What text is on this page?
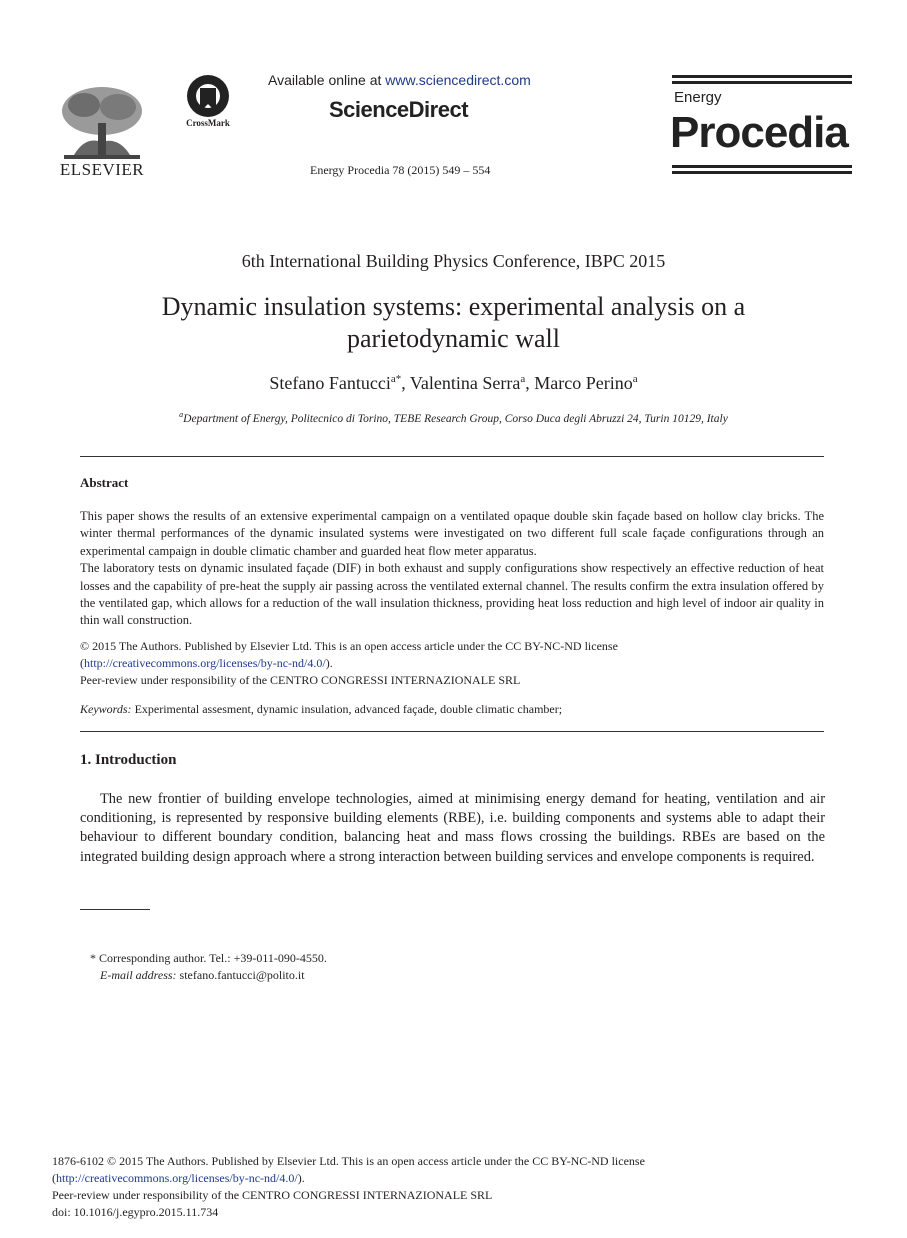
ELSEVIER
CrossMark
Available online at www.sciencedirect.com
ScienceDirect
Energy Procedia 78 (2015) 549 – 554
Energy
Procedia
6th International Building Physics Conference, IBPC 2015
Dynamic insulation systems: experimental analysis on a
parietodynamic wall
Stefano Fantucci$^{a*}$, Valentina Serra$^a$, Marco Perino$^a$
$^a$Department of Energy, Politecnico di Torino, TEBE Research Group, Corso Duca degli Abruzzi 24, Turin 10129, Italy
Abstract

This paper shows the results of an extensive experimental campaign on a ventilated opaque double skin façade based on hollow clay bricks. The winter thermal performances of the dynamic insulated systems were investigated on two different full scale façade configurations through an experimental campaign in double climatic chamber and guarded heat flow meter apparatus.

The laboratory tests on dynamic insulated façade (DIF) in both exhaust and supply configurations show respectively an effective reduction of heat losses and the capability of pre-heat the supply air passing across the ventilated external channel. The results confirm the extra insulation offered by the ventilated gap, which allows for a reduction of the wall insulation thickness, providing heat loss reduction and high level of indoor air quality in thin wall construction.

© 2015 The Authors. Published by Elsevier Ltd. This is an open access article under the CC BY-NC-ND license

(http://creativecommons.org/licenses/by-nc-nd/4.0/).

Peer-review under responsibility of the CENTRO CONGRESSI INTERNAZIONALE SRL

Keywords: Experimental assesment, dynamic insulation, advanced façade, double climatic chamber;
1. Introduction
The new frontier of building envelope technologies, aimed at minimising energy demand for heating, ventilation and air conditioning, is represented by responsive building elements (RBE), i.e. building components and systems able to adapt their behaviour to different boundary condition, balancing heat and mass flows crossing the buildings. RBEs are based on the integrated building design approach where a strong interaction between building services and envelope components is required.
* Corresponding author. Tel.: +39-011-090-4550.
E-mail address: stefano.fantucci@polito.it

1876-6102 © 2015 The Authors. Published by Elsevier Ltd. This is an open access article under the CC BY-NC-ND license

(http://creativecommons.org/licenses/by-nc-nd/4.0/).

Peer-review under responsibility of the CENTRO CONGRESSI INTERNAZIONALE SRL

doi: 10.1016/j.egypro.2015.11.734
